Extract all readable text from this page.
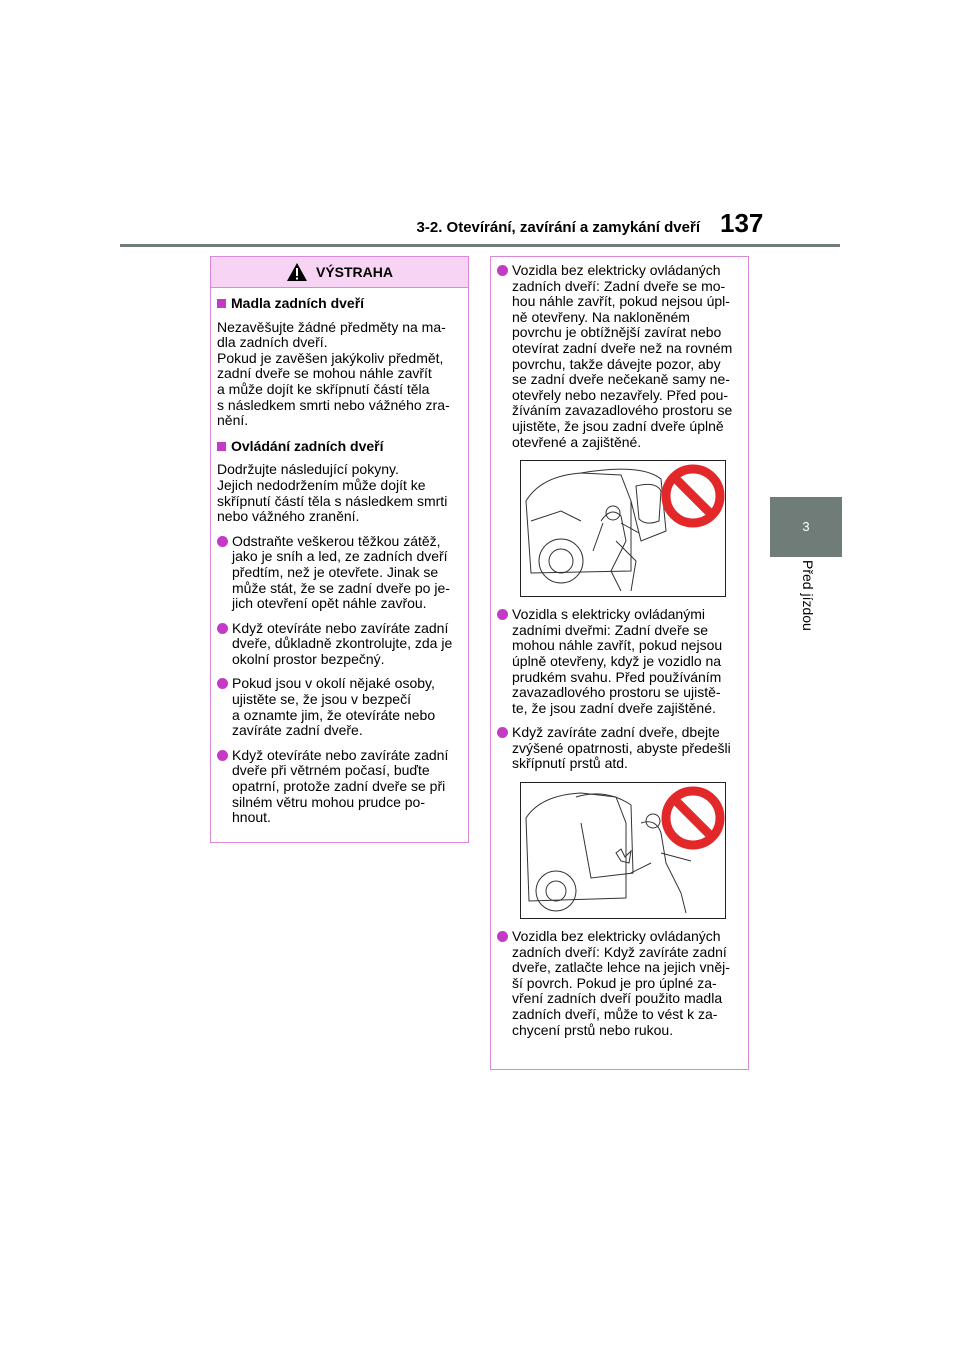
3-2. Otevírání, zavírání a zamykání dveří 137
3
Před jízdou
VÝSTRAHA
Madla zadních dveří
Nezavěšujte žádné předměty na ma-
dla zadních dveří.
Pokud je zavěšen jakýkoliv předmět,
zadní dveře se mohou náhle zavřít
a může dojít ke skřípnutí částí těla
s následkem smrti nebo vážného zra-
nění.
Ovládání zadních dveří
Dodržujte následující pokyny.
Jejich nedodržením může dojít ke
skřípnutí částí těla s následkem smrti
nebo vážného zranění.
Odstraňte veškerou těžkou zátěž,
jako je sníh a led, ze zadních dveří
předtím, než je otevřete. Jinak se
může stát, že se zadní dveře po je-
jich otevření opět náhle zavřou.
Když otevíráte nebo zavíráte zadní
dveře, důkladně zkontrolujte, zda je
okolní prostor bezpečný.
Pokud jsou v okolí nějaké osoby,
ujistěte se, že jsou v bezpečí
a oznamte jim, že otevíráte nebo
zavíráte zadní dveře.
Když otevíráte nebo zavíráte zadní
dveře při větrném počasí, buďte
opatrní, protože zadní dveře se při
silném větru mohou prudce po-
hnout.
Vozidla bez elektricky ovládaných
zadních dveří: Zadní dveře se mo-
hou náhle zavřít, pokud nejsou úpl-
ně otevřeny. Na nakloněném
povrchu je obtížnější zavírat nebo
otevírat zadní dveře než na rovném
povrchu, takže dávejte pozor, aby
se zadní dveře nečekaně samy ne-
otevřely nebo nezavřely. Před pou-
žíváním zavazadlového prostoru se
ujistěte, že jsou zadní dveře úplně
otevřené a zajištěné.
Vozidla s elektricky ovládanými
zadními dveřmi: Zadní dveře se
mohou náhle zavřít, pokud nejsou
úplně otevřeny, když je vozidlo na
prudkém svahu. Před používáním
zavazadlového prostoru se ujistě-
te, že jsou zadní dveře zajištěné.
Když zavíráte zadní dveře, dbejte
zvýšené opatrnosti, abyste předešli
skřípnutí prstů atd.
Vozidla bez elektricky ovládaných
zadních dveří: Když zavíráte zadní
dveře, zatlačte lehce na jejich vněj-
ší povrch. Pokud je pro úplné za-
vření zadních dveří použito madla
zadních dveří, může to vést k za-
chycení prstů nebo rukou.
